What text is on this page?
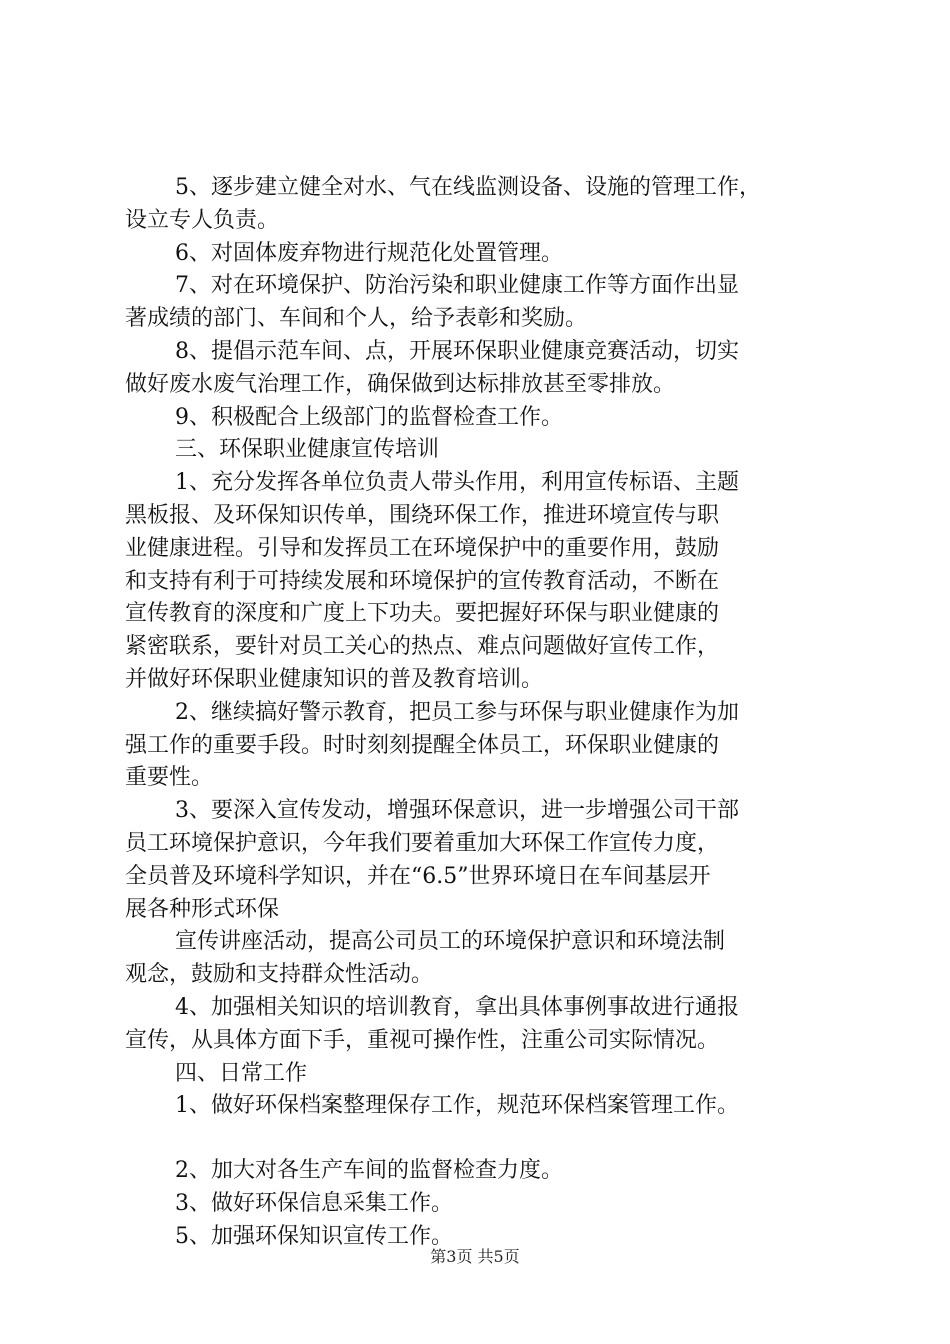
5、逐步建立健全对水、气在线监测设备、设施的管理工作，
设立专人负责。
6、对固体废弃物进行规范化处置管理。
7、对在环境保护、防治污染和职业健康工作等方面作出显
著成绩的部门、车间和个人，给予表彰和奖励。
8、提倡示范车间、点，开展环保职业健康竞赛活动，切实
做好废水废气治理工作，确保做到达标排放甚至零排放。
9、积极配合上级部门的监督检查工作。
三、环保职业健康宣传培训
1、充分发挥各单位负责人带头作用，利用宣传标语、主题
黑板报、及环保知识传单，围绕环保工作，推进环境宣传与职
业健康进程。引导和发挥员工在环境保护中的重要作用，鼓励
和支持有利于可持续发展和环境保护的宣传教育活动，不断在
宣传教育的深度和广度上下功夫。要把握好环保与职业健康的
紧密联系，要针对员工关心的热点、难点问题做好宣传工作，
并做好环保职业健康知识的普及教育培训。
2、继续搞好警示教育，把员工参与环保与职业健康作为加
强工作的重要手段。时时刻刻提醒全体员工，环保职业健康的
重要性。
3、要深入宣传发动，增强环保意识，进一步增强公司干部
员工环境保护意识，今年我们要着重加大环保工作宣传力度，
全员普及环境科学知识，并在“6.5”世界环境日在车间基层开
展各种形式环保
宣传讲座活动，提高公司员工的环境保护意识和环境法制
观念，鼓励和支持群众性活动。
4、加强相关知识的培训教育，拿出具体事例事故进行通报
宣传，从具体方面下手，重视可操作性，注重公司实际情况。
四、日常工作
1、做好环保档案整理保存工作，规范环保档案管理工作。
2、加大对各生产车间的监督检查力度。
3、做好环保信息采集工作。
5、加强环保知识宣传工作。
第3页 共5页
